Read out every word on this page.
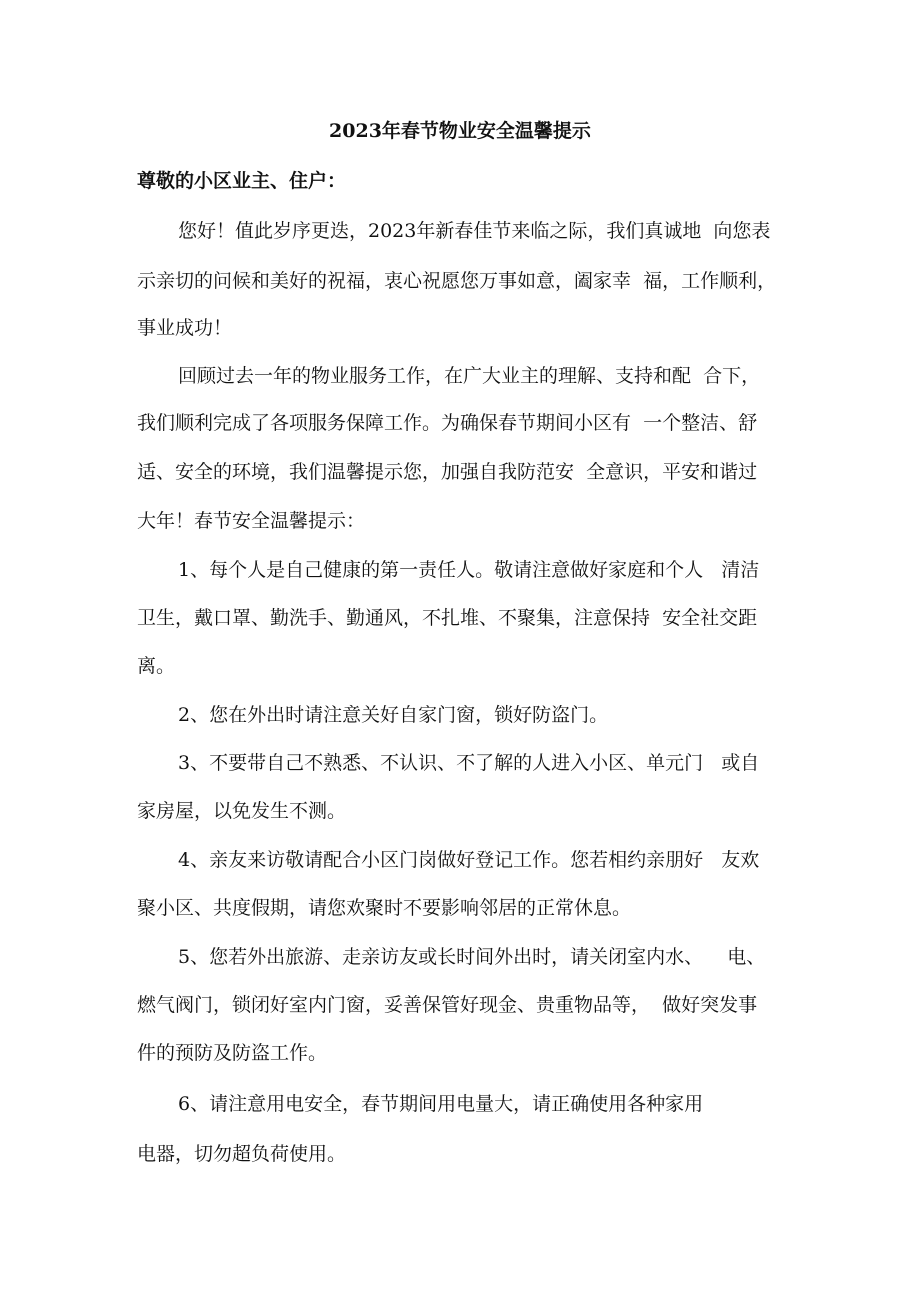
2023年春节物业安全温馨提示
尊敬的小区业主、住户：
您好！值此岁序更迭，2023年新春佳节来临之际，我们真诚地  向您表
示亲切的问候和美好的祝福，衷心祝愿您万事如意，阖家幸  福，工作顺利，
事业成功！
回顾过去一年的物业服务工作，在广大业主的理解、支持和配  合下，
我们顺利完成了各项服务保障工作。为确保春节期间小区有  一个整洁、舒
适、安全的环境，我们温馨提示您，加强自我防范安  全意识，平安和谐过
大年！春节安全温馨提示：
1、每个人是自己健康的第一责任人。敬请注意做好家庭和个人   清洁
卫生，戴口罩、勤洗手、勤通风，不扎堆、不聚集，注意保持  安全社交距
离。
2、您在外出时请注意关好自家门窗，锁好防盗门。
3、不要带自己不熟悉、不认识、不了解的人进入小区、单元门   或自
家房屋，以免发生不测。
4、亲友来访敬请配合小区门岗做好登记工作。您若相约亲朋好   友欢
聚小区、共度假期，请您欢聚时不要影响邻居的正常休息。
5、您若外出旅游、走亲访友或长时间外出时，请关闭室内水、    电、
燃气阀门，锁闭好室内门窗，妥善保管好现金、贵重物品等，  做好突发事
件的预防及防盗工作。
6、请注意用电安全，春节期间用电量大，请正确使用各种家用
电器，切勿超负荷使用。
